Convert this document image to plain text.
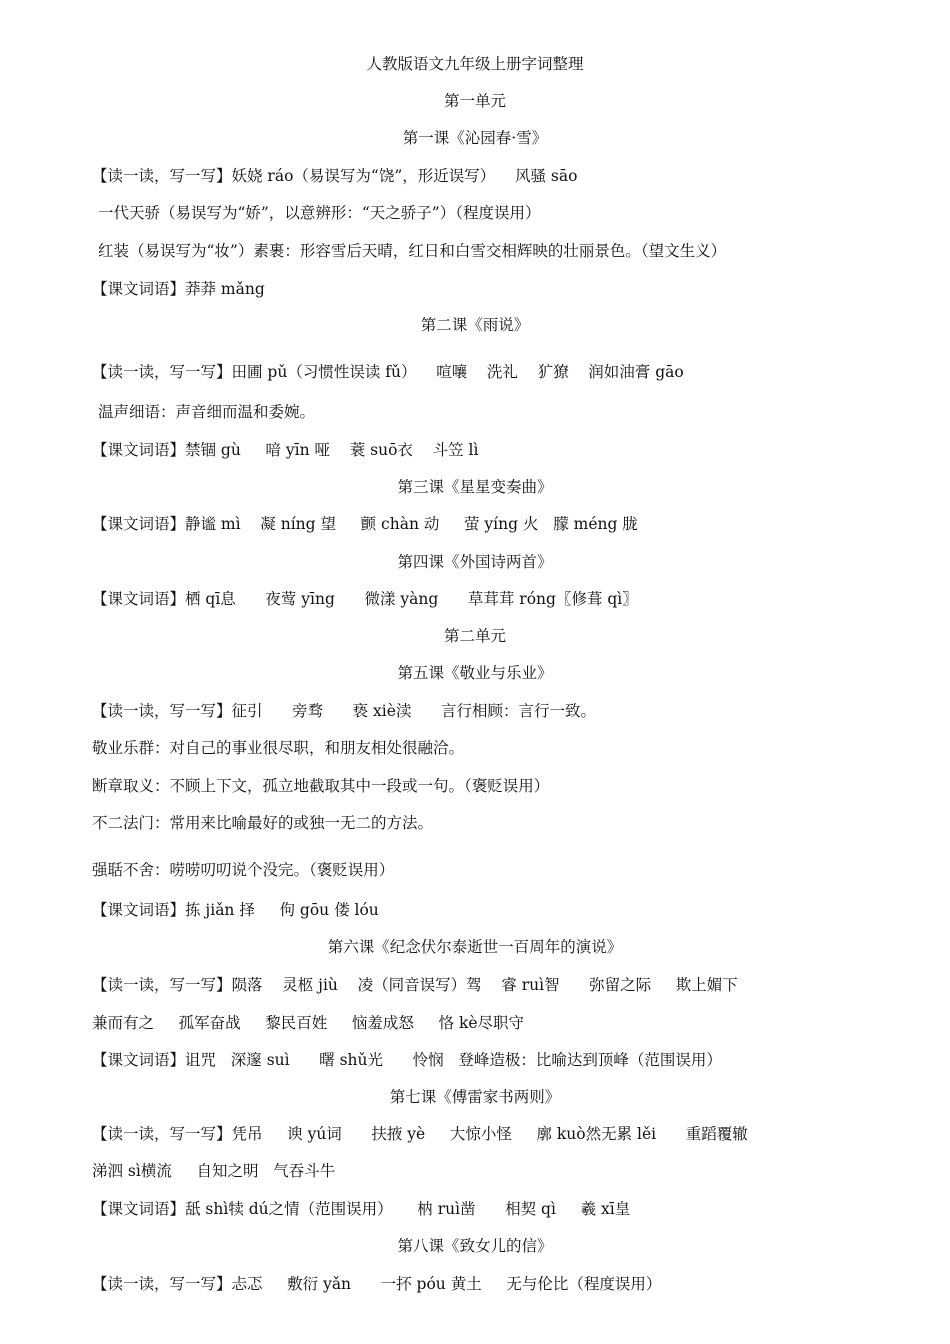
人教版语文九年级上册字词整理
第一单元
第一课《沁园春·雪》
【读一读，写一写】妖娆 ráo（易误写为“饶”，形近误写）    风骚 sāo
一代天骄（易误写为“娇”，以意辨形：“天之骄子”）（程度误用）
红装（易误写为“妆”）素裹：形容雪后天晴，红日和白雪交相辉映的壮丽景色。（望文生义）
【课文词语】莽莽 mǎng
第二课《雨说》
【读一读，写一写】田圃 pǔ（习惯性误读 fǔ）    喧嚷    洗礼    犷獠    润如油膏 gāo
温声细语：声音细而温和委婉。
【课文词语】禁锢 gù     喑 yīn 哑    蓑 suō衣    斗笠 lì
第三课《星星变奏曲》
【课文词语】静谧 mì    凝 níng 望     颤 chàn 动     萤 yíng 火   朦 méng 胧
第四课《外国诗两首》
【课文词语】栖 qī息      夜莺 yīng      微漾 yàng      草茸茸 róng〖修葺 qì〗
第二单元
第五课《敬业与乐业》
【读一读，写一写】征引      旁骛      亵 xiè渎      言行相顾：言行一致。
敬业乐群：对自己的事业很尽职，和朋友相处很融洽。
断章取义：不顾上下文，孤立地截取其中一段或一句。（褒贬误用）
不二法门：常用来比喻最好的或独一无二的方法。
强聒不舍：唠唠叨叨说个没完。（褒贬误用）
【课文词语】拣 jiǎn 择     佝 gōu 偻 lóu
第六课《纪念伏尔泰逝世一百周年的演说》
【读一读，写一写】陨落    灵柩 jiù    凌（同音误写）驾    睿 ruì智      弥留之际     欺上媚下
兼而有之     孤军奋战     黎民百姓     恼羞成怒     恪 kè尽职守
【课文词语】诅咒   深邃 suì      曙 shǔ光      怜悯   登峰造极：比喻达到顶峰（范围误用）
第七课《傅雷家书两则》
【读一读，写一写】凭吊     谀 yú词      扶掖 yè     大惊小怪     廓 kuò然无累 lěi      重蹈覆辙
涕泗 sì横流     自知之明   气吞斗牛
【课文词语】舐 shì犊 dú之情（范围误用）     枘 ruì凿      相契 qì     羲 xī皇
第八课《致女儿的信》
【读一读，写一写】忐忑     敷衍 yǎn      一抔 póu 黄土     无与伦比（程度误用）
